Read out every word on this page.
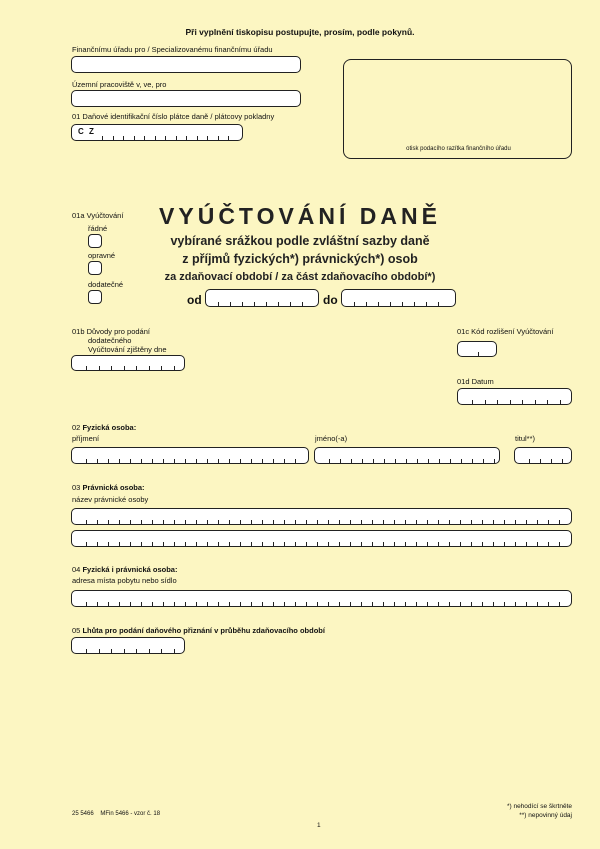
Při vyplnění tiskopisu postupujte, prosím, podle pokynů.
Finančnímu úřadu pro / Specializovanému finančnímu úřadu
Územní pracoviště v, ve, pro
01 Daňové identifikační číslo plátce daně / plátcovy pokladny
C Z
otisk podacího razítka finančního úřadu
VYÚČTOVÁNÍ DANĚ
vybírané srážkou podle zvláštní sazby daně
z příjmů fyzických*) právnických*) osob
za zdaňovací období / za část zdaňovacího období*)
od	do
01a Vyúčtování
řádné
opravné
dodatečné
01b Důvody pro podání
dodatečného
Vyúčtování zjištěny dne
01c Kód rozlišení Vyúčtování
01d Datum
02 Fyzická osoba:
příjmení	jméno(-a)	titul**)
03 Právnická osoba:
název právnické osoby
04 Fyzická i právnická osoba:
adresa místa pobytu nebo sídlo
05 Lhůta pro podání daňového přiznání v průběhu zdaňovacího období
25 5466    MFin 5466 - vzor č. 18
1
*) nehodící se škrtněte
**) nepovinný údaj
